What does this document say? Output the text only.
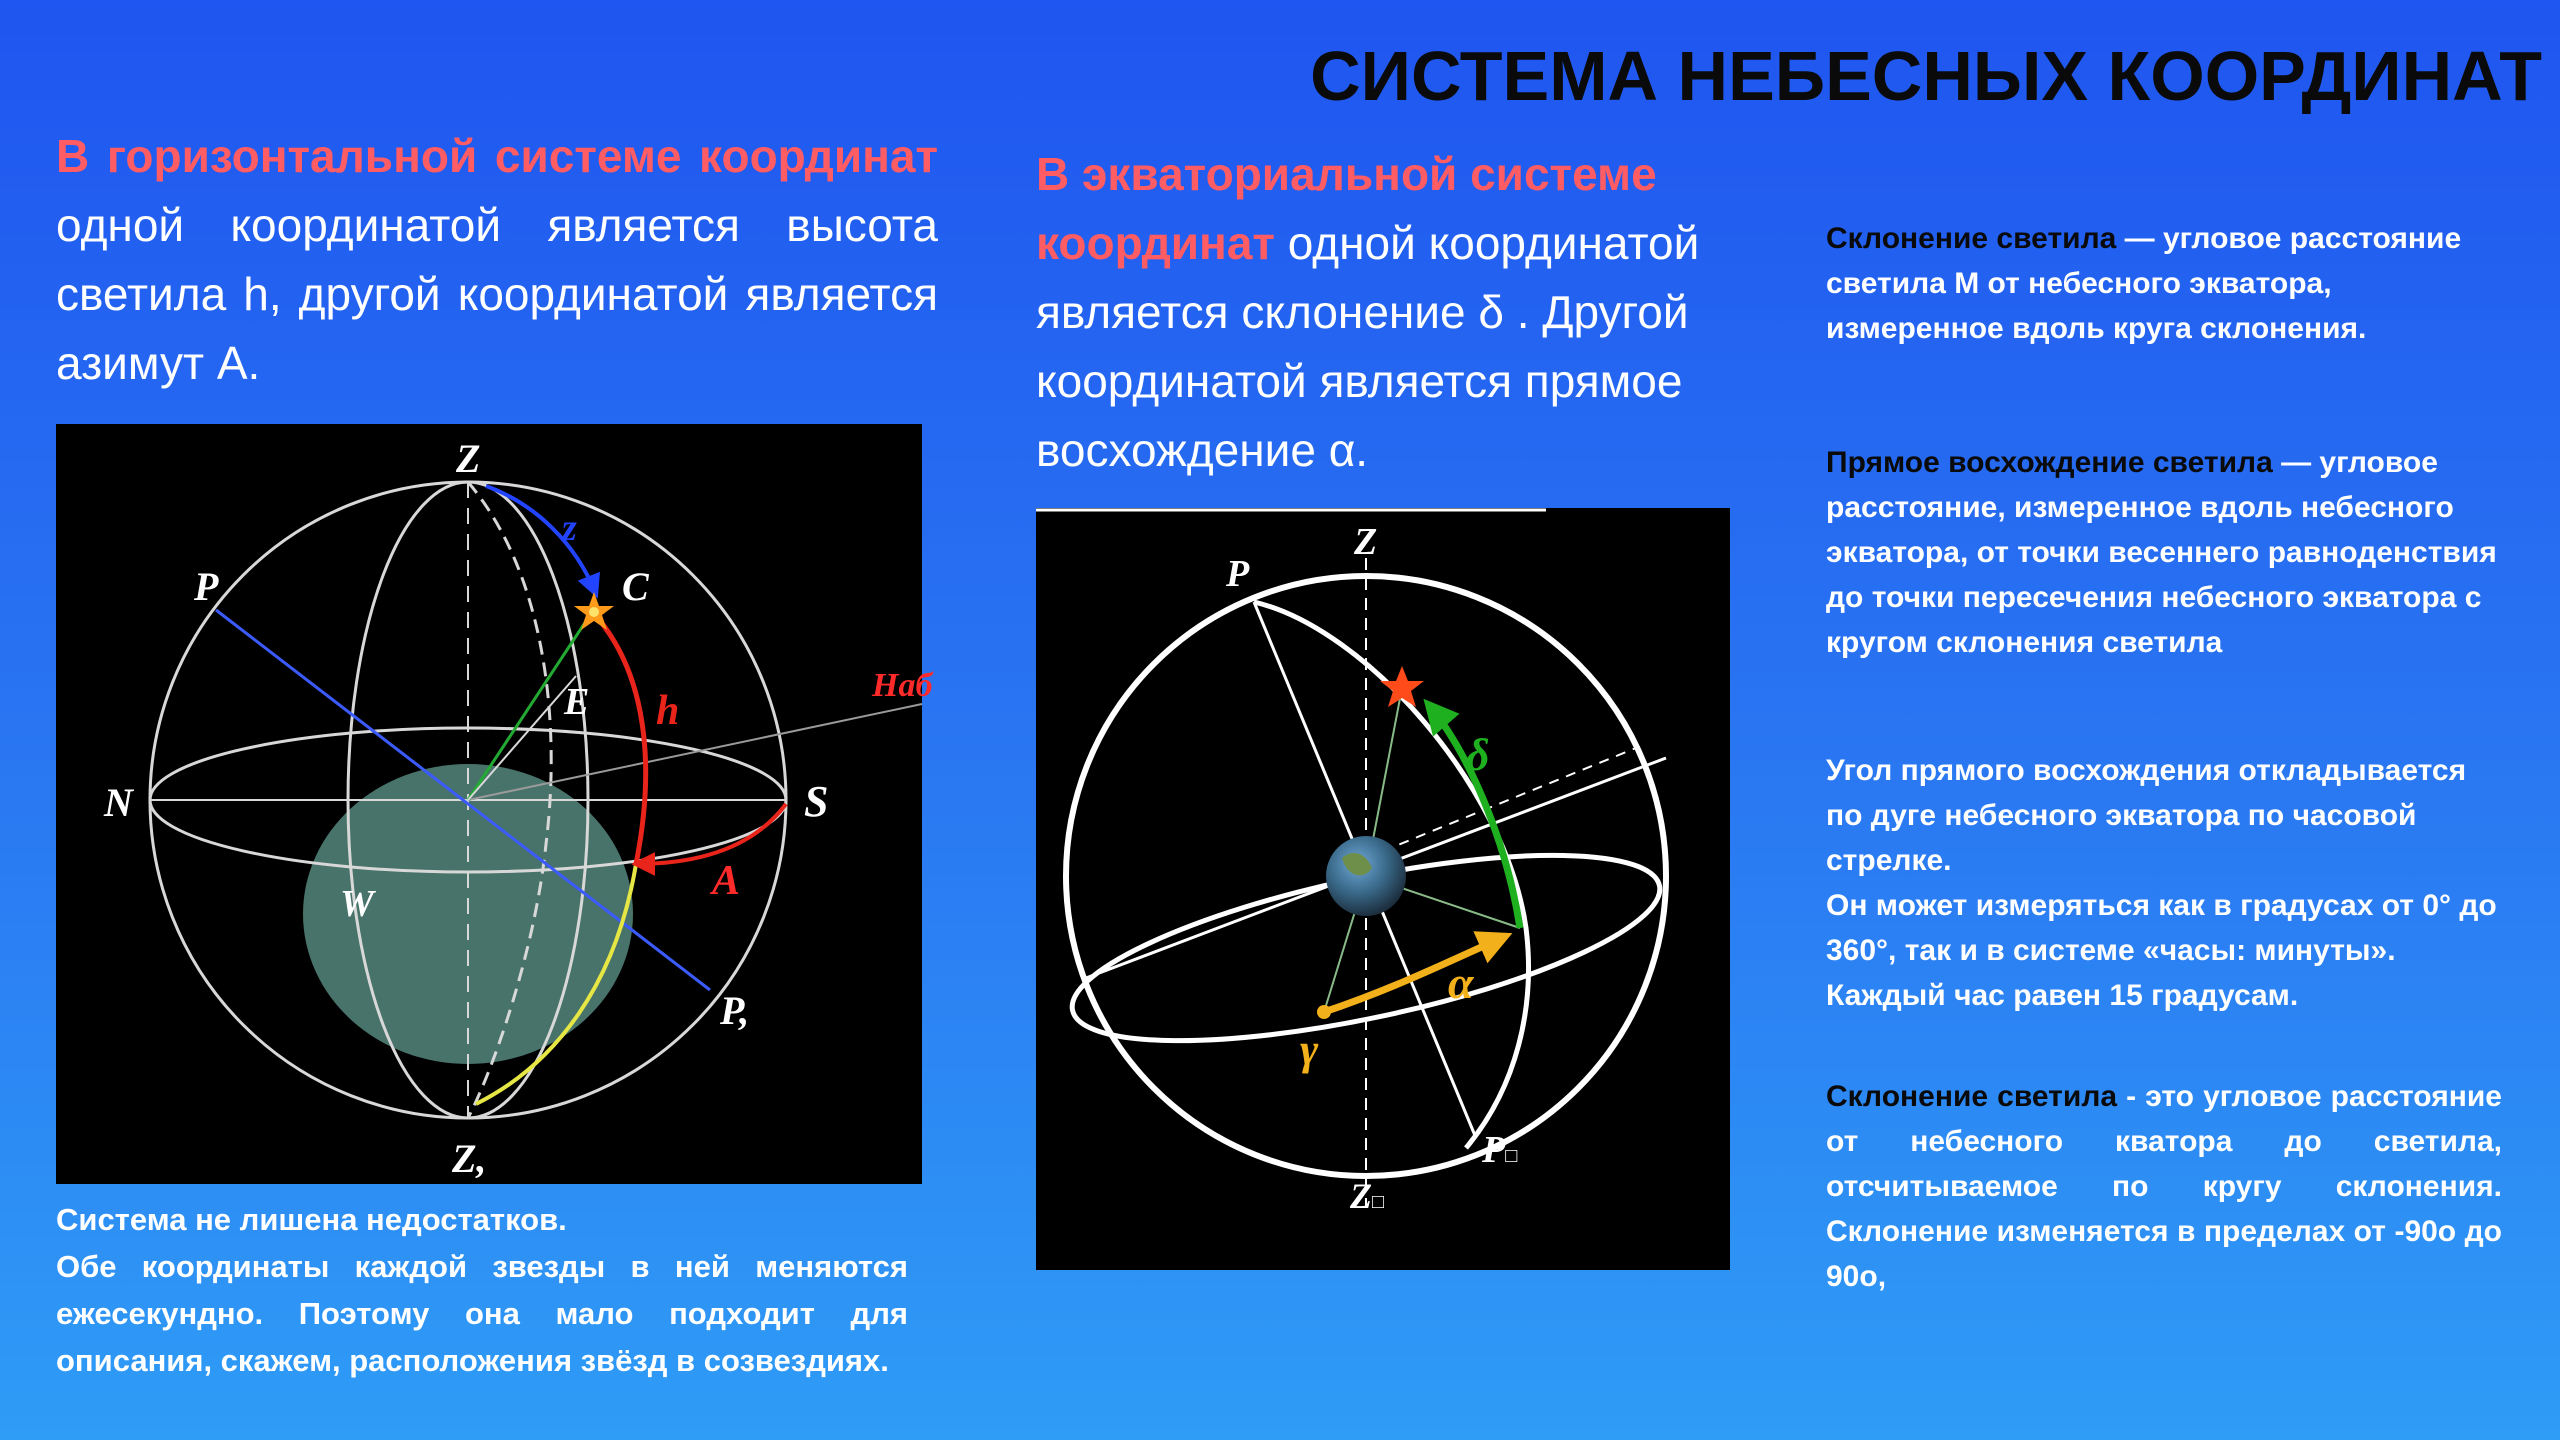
СИСТЕМА НЕБЕСНЫХ КООРДИНАТ
В горизонтальной системе координат одной координатой является высота светила h, другой координатой является азимут А.
В экваториальной системе координат одной координатой является склонение δ . Другой координатой является прямое восхождение α.
Z
Z,
P
P,
N	S
E
W
C
z
h
A
Наб
Z
P
δ
α
γ
P□
Z□
Система не лишена недостатков.
Обе координаты каждой звезды в ней меняются ежесекундно. Поэтому она мало подходит для описания, скажем, расположения звёзд в созвездиях.
Склонение светила — угловое расстояние светила M от небесного экватора, измеренное вдоль круга склонения.
Прямое восхождение светила — угловое расстояние, измеренное вдоль небесного экватора, от точки весеннего равноденствия до точки пересечения небесного экватора с кругом склонения светила
Угол прямого восхождения откладывается по дуге небесного экватора по часовой стрелке.
Он может измеряться как в градусах от 0° до 360°, так и в системе «часы: минуты». Каждый час равен 15 градусам.
Склонение светила - это угловое расстояние от небесного кватора до светила, отсчитываемое по кругу склонения. Склонение изменяется в пределах от -90о до 90о,
